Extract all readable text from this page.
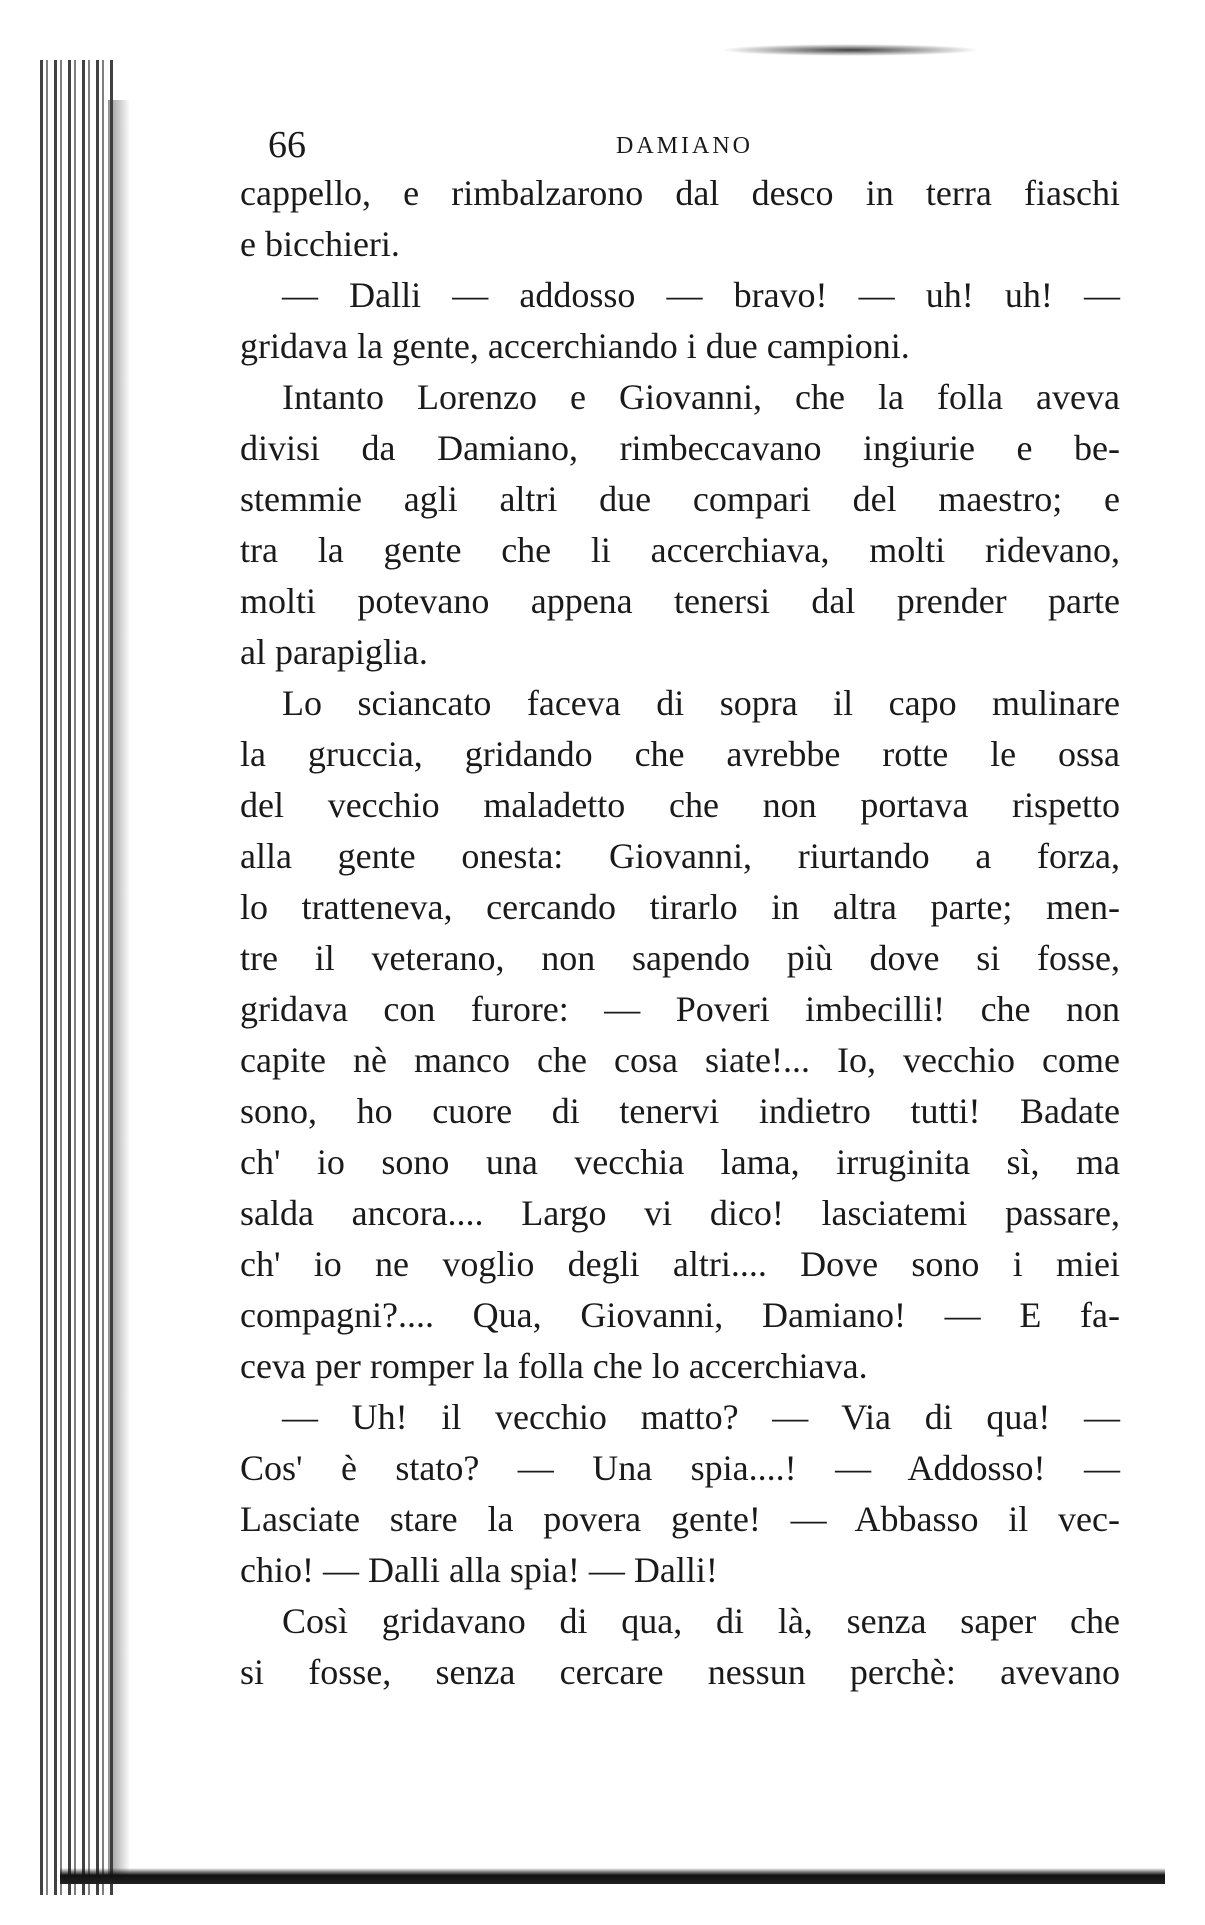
66	DAMIANO
cappello, e rimbalzarono dal desco in terra fiaschi
e bicchieri.
— Dalli — addosso — bravo! — uh! uh! —
gridava la gente, accerchiando i due campioni.
Intanto Lorenzo e Giovanni, che la folla aveva
divisi da Damiano, rimbeccavano ingiurie e be-
stemmie agli altri due compari del maestro; e
tra la gente che li accerchiava, molti ridevano,
molti potevano appena tenersi dal prender parte
al parapiglia.
Lo sciancato faceva di sopra il capo mulinare
la gruccia, gridando che avrebbe rotte le ossa
del vecchio maladetto che non portava rispetto
alla gente onesta: Giovanni, riurtando a forza,
lo tratteneva, cercando tirarlo in altra parte; men-
tre il veterano, non sapendo più dove si fosse,
gridava con furore: — Poveri imbecilli! che non
capite nè manco che cosa siate!... Io, vecchio come
sono, ho cuore di tenervi indietro tutti! Badate
ch' io sono una vecchia lama, irruginita sì, ma
salda ancora.... Largo vi dico! lasciatemi passare,
ch' io ne voglio degli altri.... Dove sono i miei
compagni?.... Qua, Giovanni, Damiano! — E fa-
ceva per romper la folla che lo accerchiava.
— Uh! il vecchio matto? — Via di qua! —
Cos' è stato? — Una spia....! — Addosso! —
Lasciate stare la povera gente! — Abbasso il vec-
chio! — Dalli alla spia! — Dalli!
Così gridavano di qua, di là, senza saper che
si fosse, senza cercare nessun perchè: avevano
